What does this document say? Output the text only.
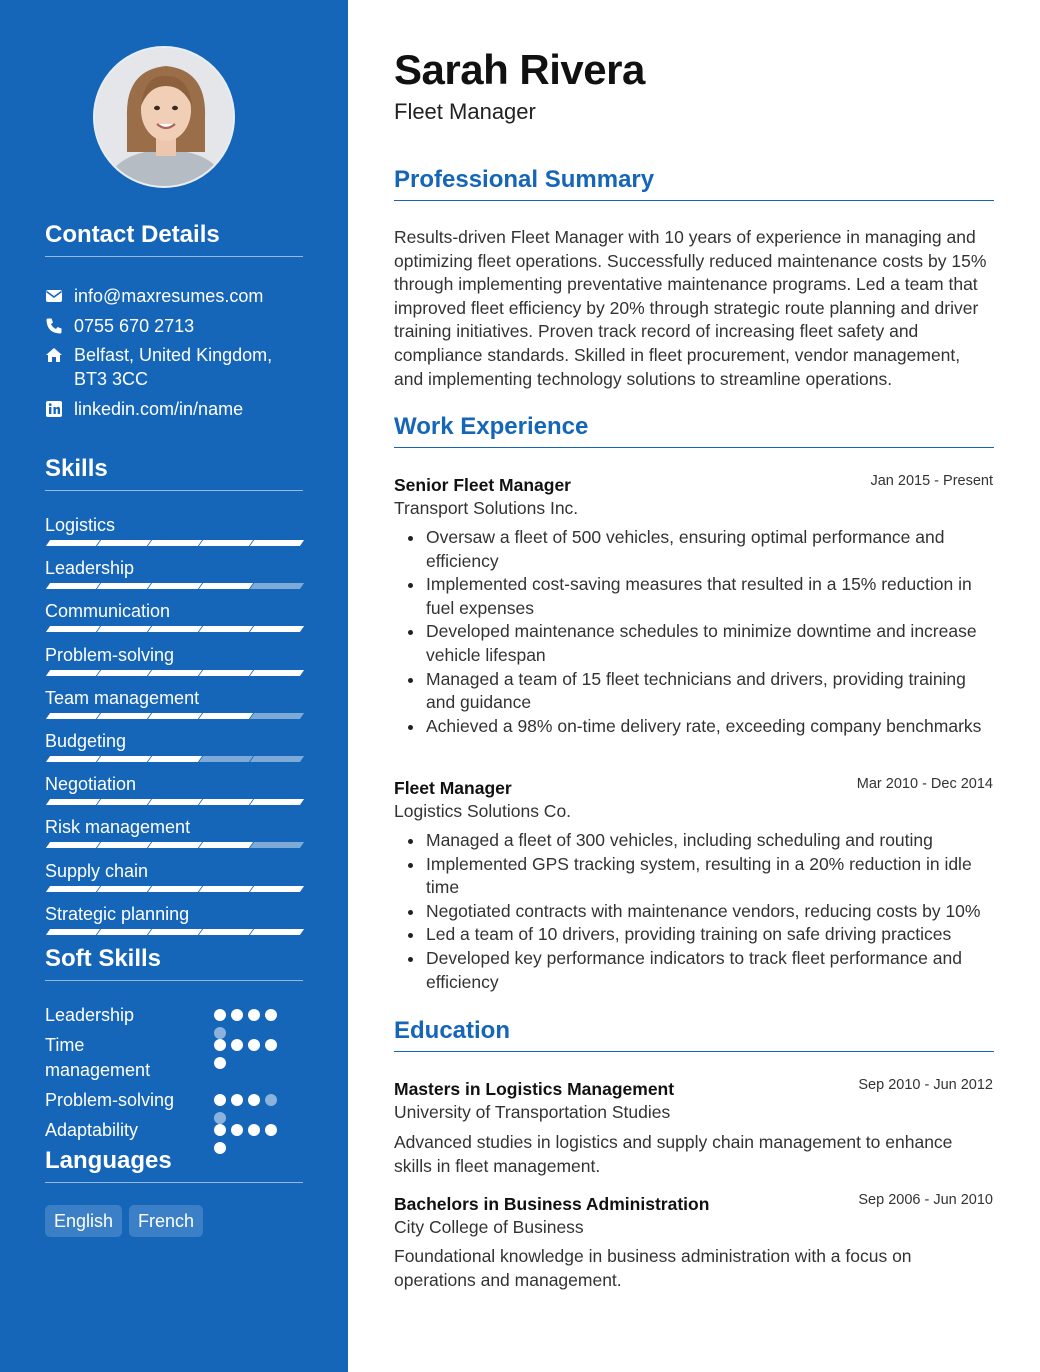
Contact Details
info@maxresumes.com
0755 670 2713
Belfast, United Kingdom,
BT3 3CC
linkedin.com/in/name
Skills
Logistics
Leadership
Communication
Problem-solving
Team management
Budgeting
Negotiation
Risk management
Supply chain
Strategic planning
Soft Skills
Leadership
Time
management
Problem-solving
Adaptability
Languages
English	French
Sarah Rivera
Fleet Manager
Professional Summary
Results-driven Fleet Manager with 10 years of experience in managing and optimizing fleet operations. Successfully reduced maintenance costs by 15% through implementing preventative maintenance programs. Led a team that improved fleet efficiency by 20% through strategic route planning and driver training initiatives. Proven track record of increasing fleet safety and compliance standards. Skilled in fleet procurement, vendor management, and implementing technology solutions to streamline operations.
Work Experience
Senior Fleet Manager	Jan 2015 - Present
Transport Solutions Inc.
Oversaw a fleet of 500 vehicles, ensuring optimal performance and efficiency
Implemented cost-saving measures that resulted in a 15% reduction in fuel expenses
Developed maintenance schedules to minimize downtime and increase vehicle lifespan
Managed a team of 15 fleet technicians and drivers, providing training and guidance
Achieved a 98% on-time delivery rate, exceeding company benchmarks
Fleet Manager	Mar 2010 - Dec 2014
Logistics Solutions Co.
Managed a fleet of 300 vehicles, including scheduling and routing
Implemented GPS tracking system, resulting in a 20% reduction in idle time
Negotiated contracts with maintenance vendors, reducing costs by 10%
Led a team of 10 drivers, providing training on safe driving practices
Developed key performance indicators to track fleet performance and efficiency
Education
Masters in Logistics Management	Sep 2010 - Jun 2012
University of Transportation Studies
Advanced studies in logistics and supply chain management to enhance skills in fleet management.
Bachelors in Business Administration	Sep 2006 - Jun 2010
City College of Business
Foundational knowledge in business administration with a focus on operations and management.
